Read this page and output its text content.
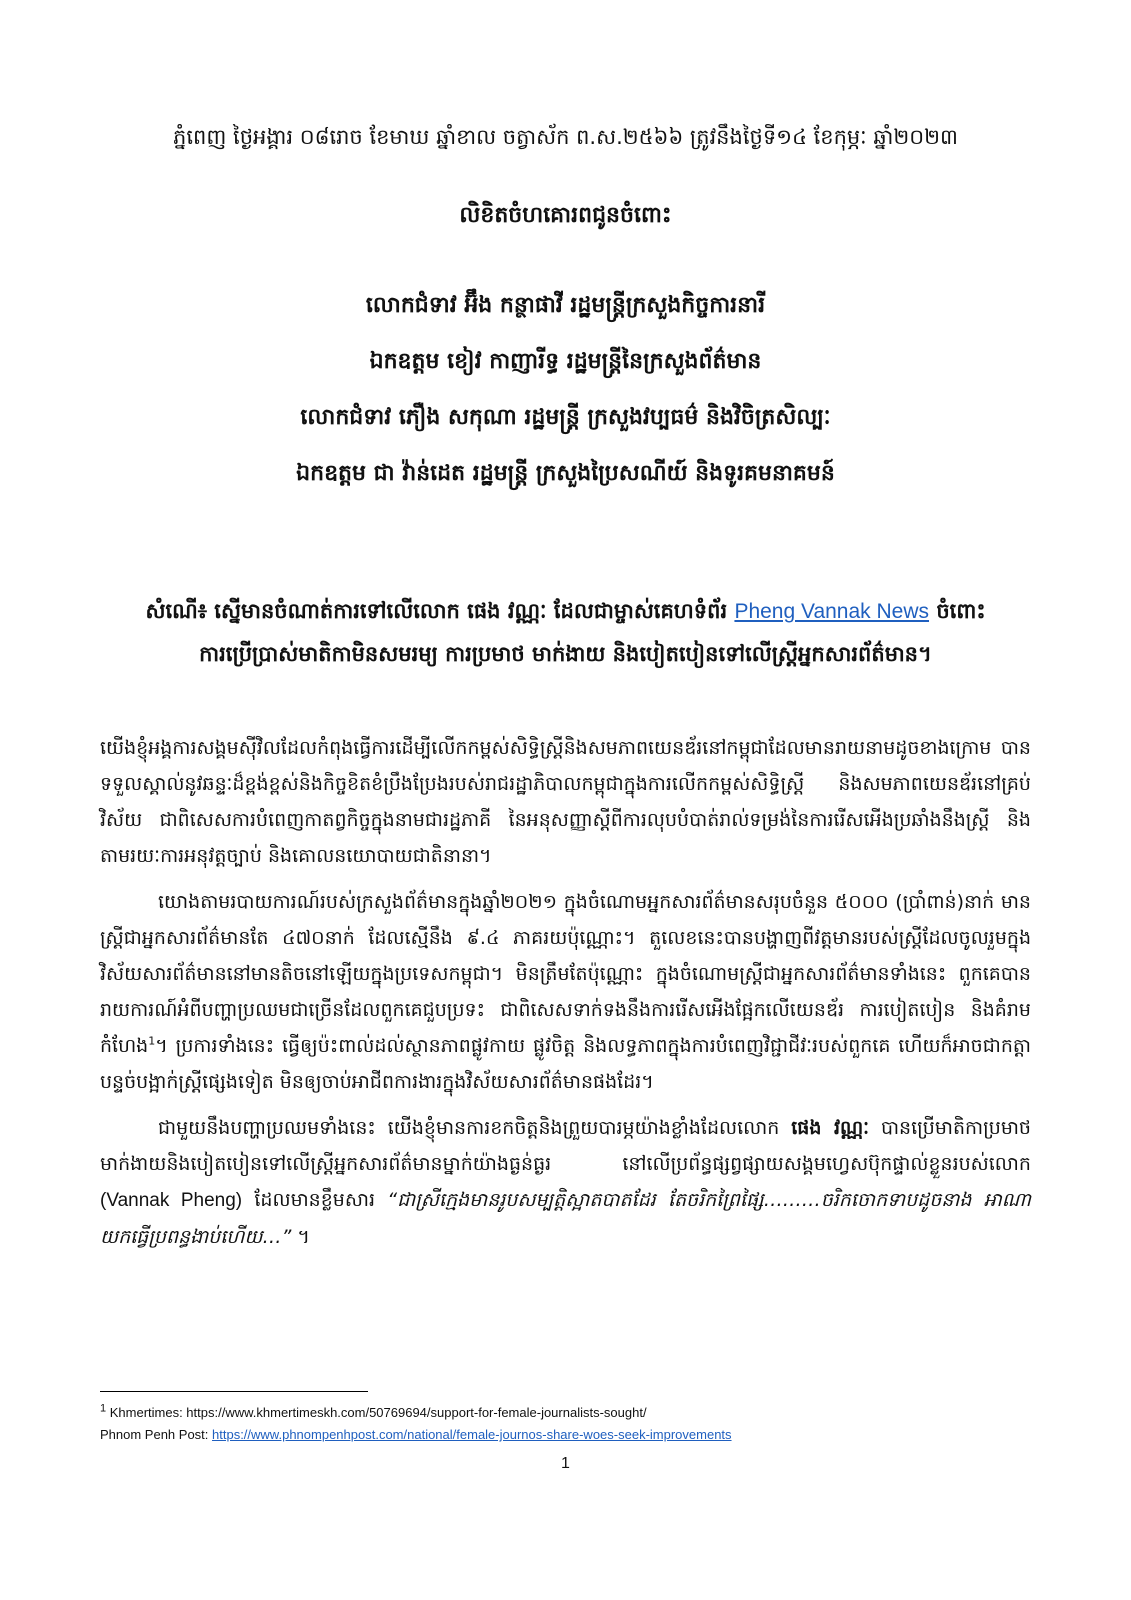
ភ្នំពេញ ថ្ងៃអង្គារ ០៨រោច ខែមាឃ ឆ្នាំខាល ចត្វាស័ក ព.ស.២៥៦៦ ត្រូវនឹងថ្ងៃទី១៤ ខែកុម្ភៈ ឆ្នាំ២០២៣
លិខិតចំហគោរពជូនចំពោះ
លោកជំទាវ អ៊ឹង កន្ថាផាវី រដ្ឋមន្ត្រីក្រសួងកិច្ចការនារី
ឯកឧត្តម ខៀវ កាញារីទ្ធ រដ្ឋមន្ត្រីនៃក្រសួងព័ត៌មាន
លោកជំទាវ ភឿង សកុណា រដ្ឋមន្ត្រី ក្រសួងវប្បធម៌ និងវិចិត្រសិល្បៈ
ឯកឧត្តម ជា វ៉ាន់ដេត រដ្ឋមន្ត្រី ក្រសួងប្រៃសណីយ៍ និងទូរគមនាគមន៍
សំណើ៖ ស្នើមានចំណាត់ការទៅលើលោក ផេង វណ្ណៈ ដែលជាម្ចាស់គេហទំព័រ Pheng Vannak News ចំពោះ
ការប្រើប្រាស់មាតិកាមិនសមរម្យ ការប្រមាថ មាក់ងាយ និងបៀតបៀនទៅលើស្ត្រីអ្នកសារព័ត៌មាន។

យើងខ្ញុំអង្គការសង្គមស៊ីវិលដែលកំពុងធ្វើការដើម្បីលើកកម្ពស់សិទ្ធិស្ត្រីនិងសមភាពយេនឌ័រនៅកម្ពុជាដែលមានរាយនាមដូចខាងក្រោម បានទទួលស្គាល់នូវឆន្ទៈដ៏ខ្ពង់ខ្ពស់និងកិច្ចខិតខំប្រឹងប្រែងរបស់រាជរដ្ឋាភិបាលកម្ពុជាក្នុងការលើកកម្ពស់សិទ្ធិស្ត្រី និងសមភាពយេនឌ័រនៅគ្រប់វិស័យ ជាពិសេសការបំពេញកាតព្វកិច្ចក្នុងនាមជារដ្ឋភាគី នៃអនុសញ្ញាស្តីពីការលុបបំបាត់រាល់ទម្រង់នៃការរើសអើងប្រឆាំងនឹងស្ត្រី និងតាមរយៈការអនុវត្តច្បាប់ និងគោលនយោបាយជាតិនានា។

យោងតាមរបាយការណ៍របស់ក្រសួងព័ត៌មានក្នុងឆ្នាំ២០២១ ក្នុងចំណោមអ្នកសារព័ត៌មានសរុបចំនួន ៥០០០ (ប្រាំពាន់)នាក់ មានស្ត្រីជាអ្នកសារព័ត៌មានតែ ៤៧០នាក់ ដែលស្មើនឹង ៩.៤ ភាគរយប៉ុណ្ណោះ។ តួលេខនេះបានបង្ហាញពីវត្តមានរបស់ស្ត្រីដែលចូលរួមក្នុងវិស័យសារព័ត៌មាននៅមានតិចនៅឡើយក្នុងប្រទេសកម្ពុជា។ មិនត្រឹមតែប៉ុណ្ណោះ ក្នុងចំណោមស្ត្រីជាអ្នកសារព័ត៌មានទាំងនេះ ពួកគេបានរាយការណ៍អំពីបញ្ហាប្រឈមជាច្រើនដែលពួកគេជួបប្រទះ ជាពិសេសទាក់ទងនឹងការរើសអើងផ្អែកលើយេនឌ័រ ការបៀតបៀន និងគំរាមកំហែង$^1$។ ប្រការទាំងនេះ ធ្វើឲ្យប៉ះពាល់ដល់ស្ថានភាពផ្លូវកាយ ផ្លូវចិត្ត និងលទ្ធភាពក្នុងការបំពេញវិជ្ជាជីវៈរបស់ពួកគេ ហើយក៏អាចជាកត្តាបន្ទច់បង្អាក់ស្ត្រីផ្សេងទៀត មិនឲ្យចាប់អាជីពការងារក្នុងវិស័យសារព័ត៌មានផងដែរ។

ជាមួយនឹងបញ្ហាប្រឈមទាំងនេះ យើងខ្ញុំមានការខកចិត្តនិងព្រួយបារម្ភយ៉ាងខ្លាំងដែលលោក ផេង វណ្ណៈ បានប្រើមាតិកាប្រមាថមាក់ងាយនិងបៀតបៀនទៅលើស្ត្រីអ្នកសារព័ត៌មានម្នាក់យ៉ាងធ្ងន់ធ្ងរ នៅលើប្រព័ន្ធផ្សព្វផ្សាយសង្គមហ្វេសប៊ុកផ្ទាល់ខ្លួនរបស់លោក (Vannak Pheng) ដែលមានខ្លឹមសារ “ជាស្រីក្មេងមានរូបសម្បត្តិស្អាតបាតដែរ តែចរិកព្រៃផ្សៃ………ចរិកចោកទាបដូចនាង អាណា យកធ្វើប្រពន្ធងាប់ហើយ…” ។

$^1$ Khmertimes: https://www.khmertimeskh.com/50769694/support-for-female-journalists-sought/
Phnom Penh Post: https://www.phnompenhpost.com/national/female-journos-share-woes-seek-improvements
1
